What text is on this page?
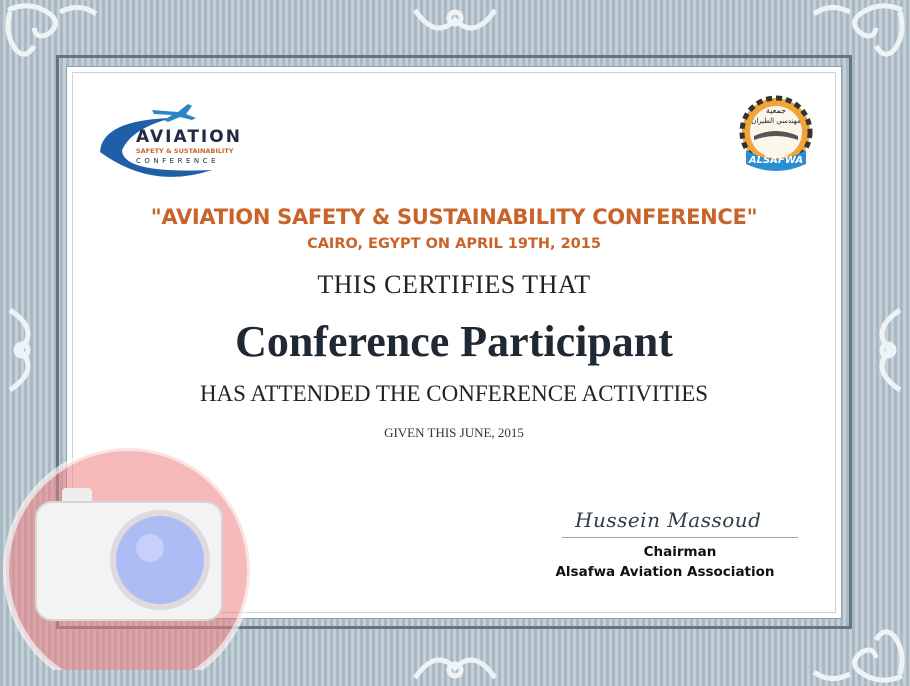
AVIATION
SAFETY & SUSTAINABILITY
CONFERENCE
جمعية
مهندسي الطيران
ALSAFWA
"AVIATION SAFETY & SUSTAINABILITY CONFERENCE"
CAIRO, EGYPT ON APRIL 19TH, 2015
THIS CERTIFIES THAT
Conference Participant
HAS ATTENDED THE CONFERENCE ACTIVITIES
GIVEN THIS JUNE, 2015
Hussein Massoud
Chairman
Alsafwa Aviation Association
